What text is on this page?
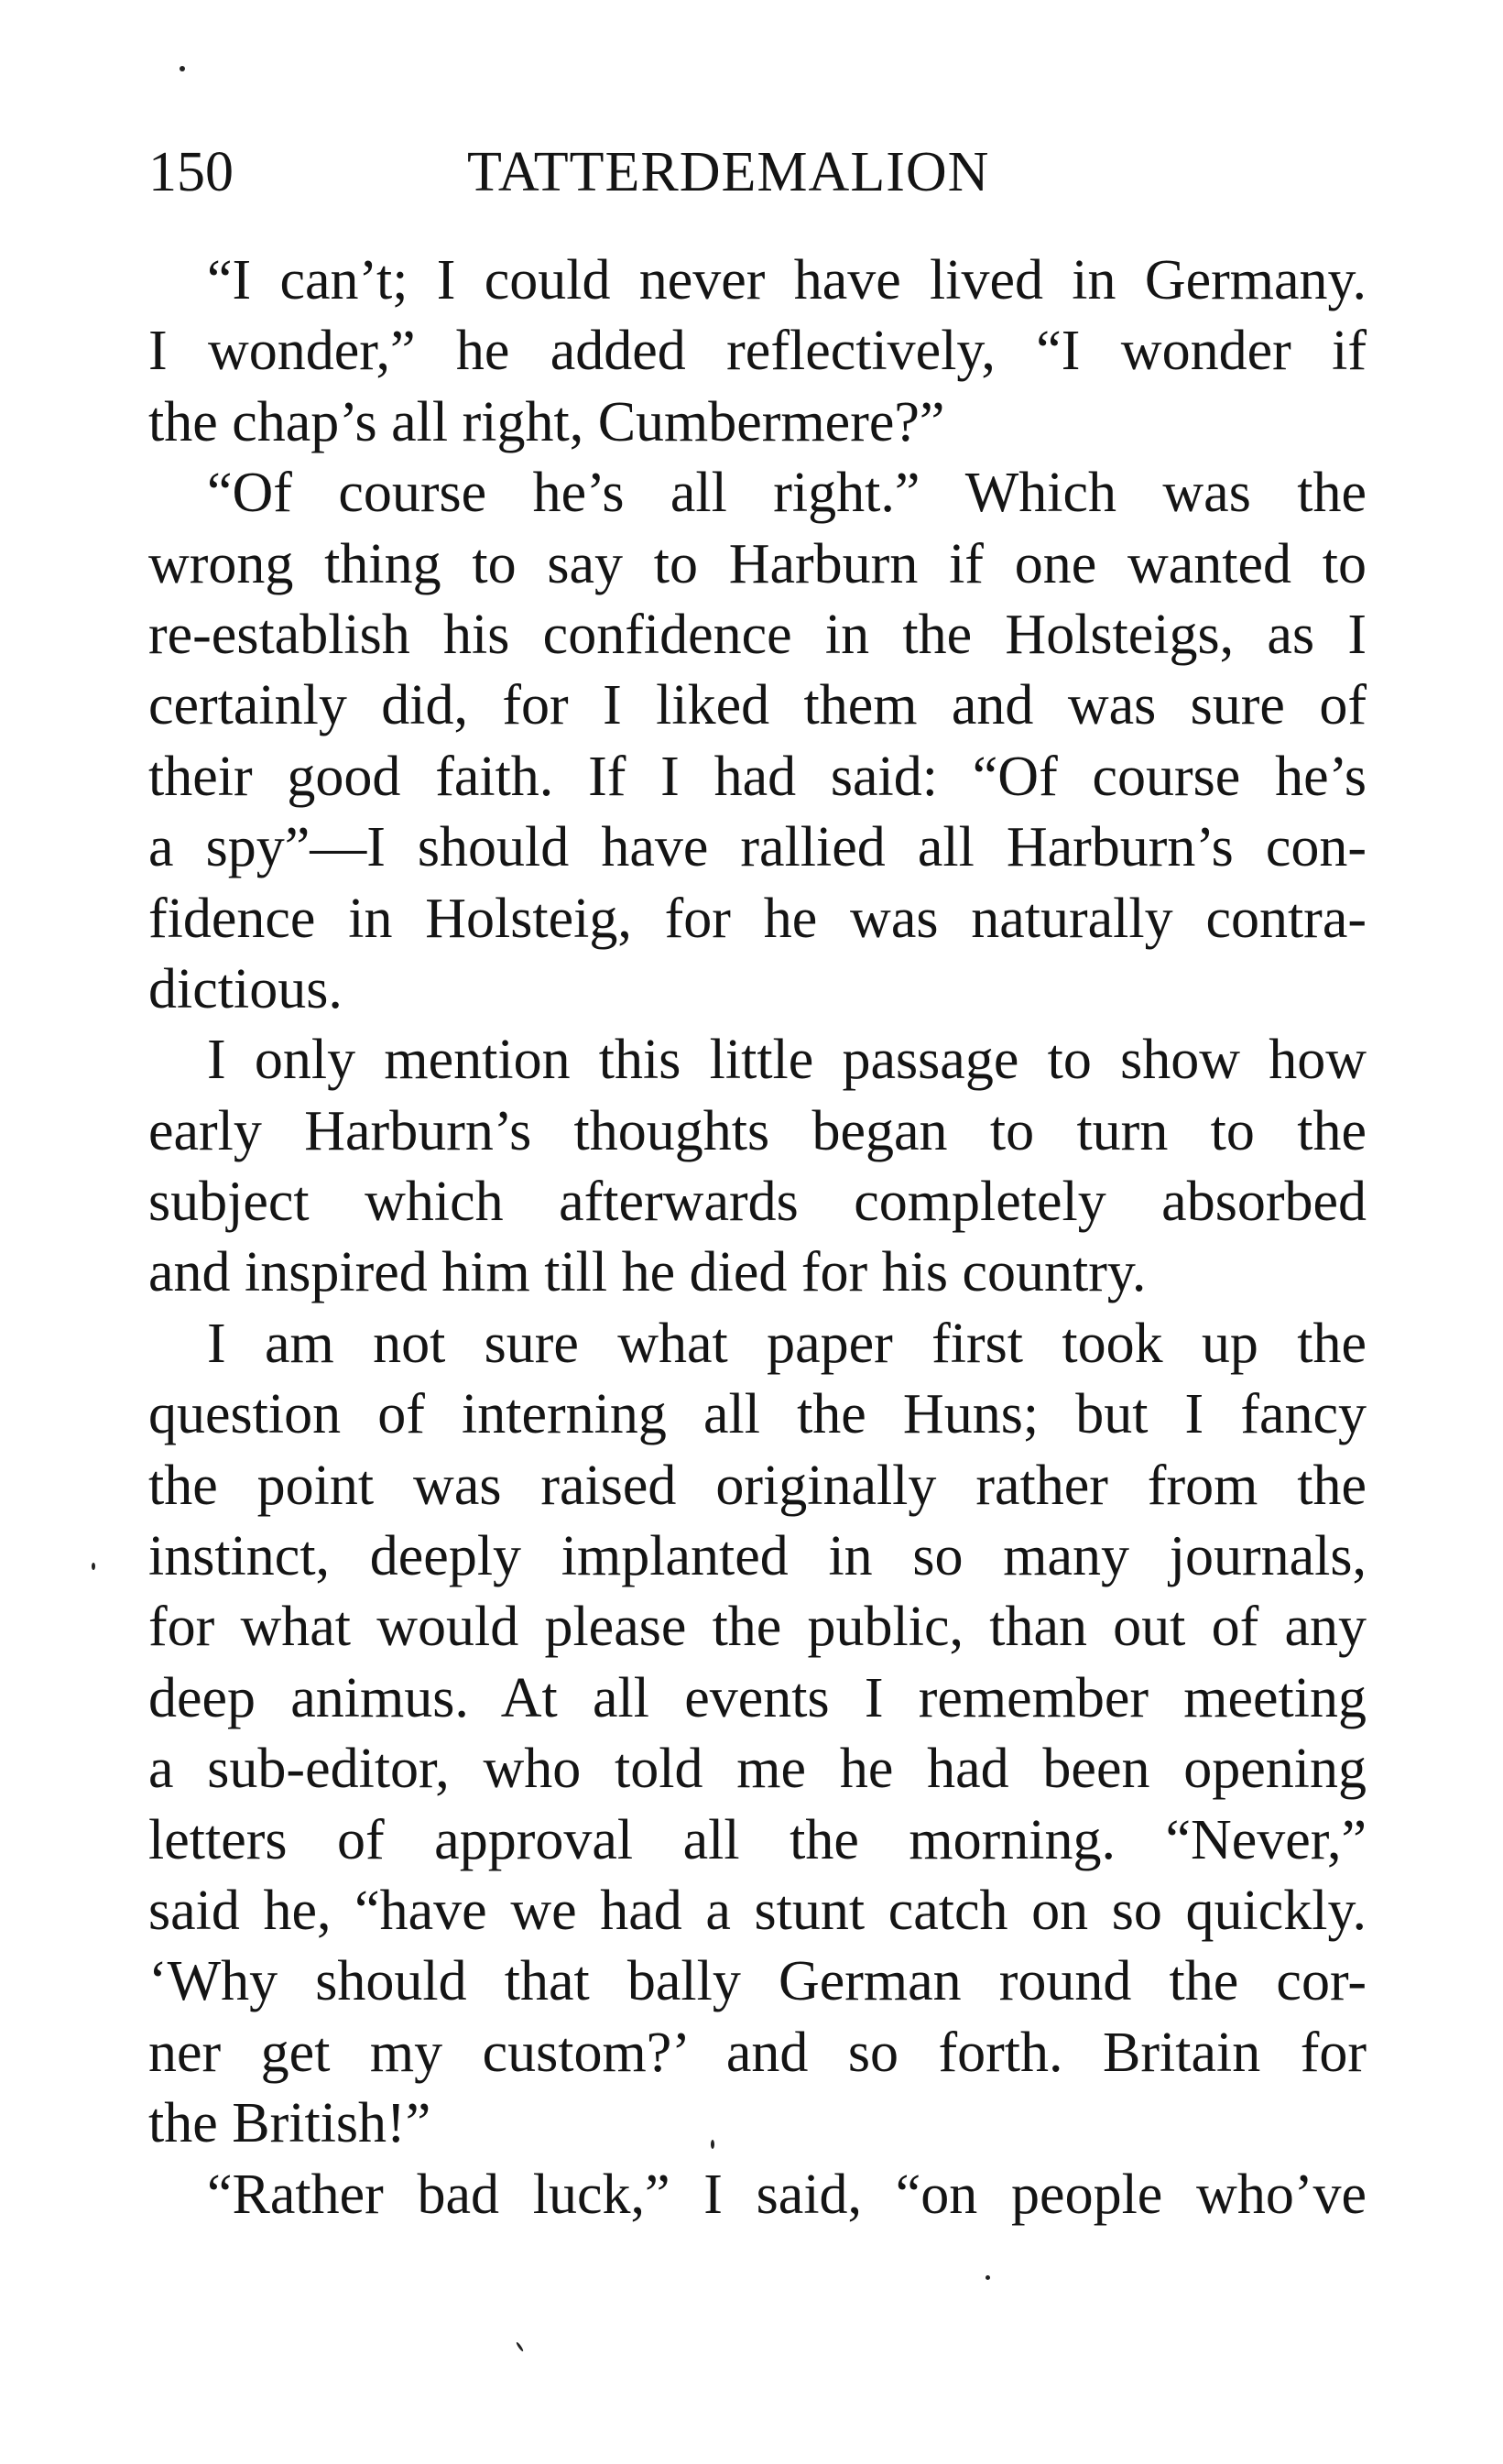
150	TATTERDEMALION
“I can’t; I could never have lived in Germany.
I wonder,” he added reflectively, “I wonder if
the chap’s all right, Cumbermere?”
“Of course he’s all right.” Which was the
wrong thing to say to Harburn if one wanted to
re-establish his confidence in the Holsteigs, as I
certainly did, for I liked them and was sure of
their good faith. If I had said: “Of course he’s
a spy”—I should have rallied all Harburn’s con-
fidence in Holsteig, for he was naturally contra-
dictious.
I only mention this little passage to show how
early Harburn’s thoughts began to turn to the
subject which afterwards completely absorbed
and inspired him till he died for his country.
I am not sure what paper first took up the
question of interning all the Huns; but I fancy
the point was raised originally rather from the
instinct, deeply implanted in so many journals,
for what would please the public, than out of any
deep animus. At all events I remember meeting
a sub-editor, who told me he had been opening
letters of approval all the morning. “Never,”
said he, “have we had a stunt catch on so quickly.
‘Why should that bally German round the cor-
ner get my custom?’ and so forth. Britain for
the British!”
“Rather bad luck,” I said, “on people who’ve
